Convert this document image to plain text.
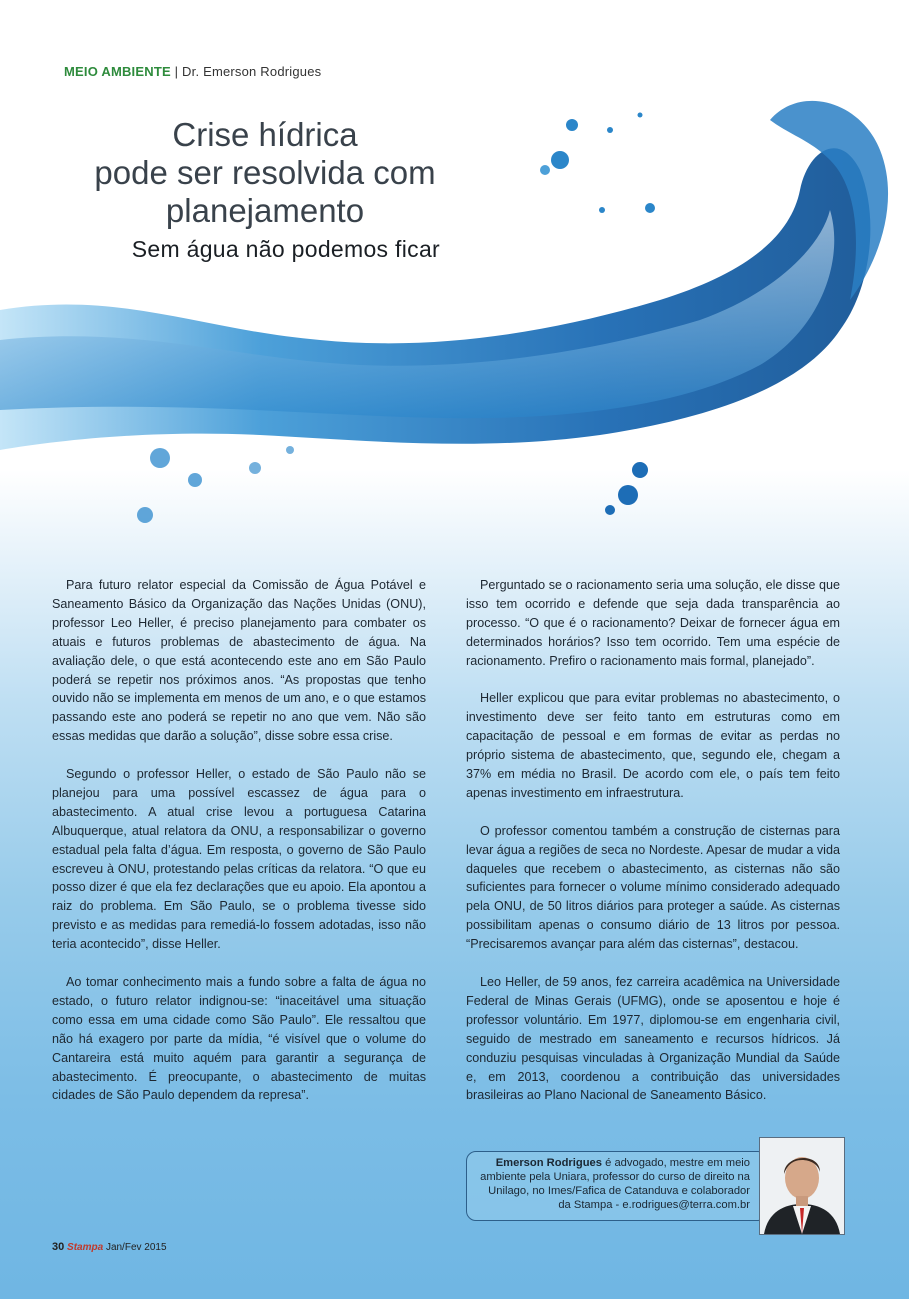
MEIO AMBIENTE | Dr. Emerson Rodrigues
Crise hídrica
pode ser resolvida com
planejamento
Sem água não podemos ficar

Para futuro relator especial da Comissão de Água Potável e Saneamento Básico da Organização das Nações Unidas (ONU), professor Leo Heller, é preciso planejamento para combater os atuais e futuros problemas de abastecimento de água. Na avaliação dele, o que está acontecendo este ano em São Paulo poderá se repetir nos próximos anos. “As propostas que tenho ouvido não se implementa em menos de um ano, e o que estamos passando este ano poderá se repetir no ano que vem. Não são essas medidas que darão a solução”, disse sobre essa crise.

Segundo o professor Heller, o estado de São Paulo não se planejou para uma possível escassez de água para o abastecimento. A atual crise levou a portuguesa Catarina Albuquerque, atual relatora da ONU, a responsabilizar o governo estadual pela falta d’água. Em resposta, o governo de São Paulo escreveu à ONU, protestando pelas críticas da relatora. “O que eu posso dizer é que ela fez declarações que eu apoio. Ela apontou a raiz do problema. Em São Paulo, se o problema tivesse sido previsto e as medidas para remediá-lo fossem adotadas, isso não teria acontecido”, disse Heller.

Ao tomar conhecimento mais a fundo sobre a falta de água no estado, o futuro relator indignou-se: “inaceitável uma situação como essa em uma cidade como São Paulo”. Ele ressaltou que não há exagero por parte da mídia, “é visível que o volume do Cantareira está muito aquém para garantir a segurança de abastecimento. É preocupante, o abastecimento de muitas cidades de São Paulo dependem da represa”.

Perguntado se o racionamento seria uma solução, ele disse que isso tem ocorrido e defende que seja dada transparência ao processo. “O que é o racionamento? Deixar de fornecer água em determinados horários? Isso tem ocorrido. Tem uma espécie de racionamento. Prefiro o racionamento mais formal, planejado”.

Heller explicou que para evitar problemas no abastecimento, o investimento deve ser feito tanto em estruturas como em capacitação de pessoal e em formas de evitar as perdas no próprio sistema de abastecimento, que, segundo ele, chegam a 37% em média no Brasil. De acordo com ele, o país tem feito apenas investimento em infraestrutura.

O professor comentou também a construção de cisternas para levar água a regiões de seca no Nordeste. Apesar de mudar a vida daqueles que recebem o abastecimento, as cisternas não são suficientes para fornecer o volume mínimo considerado adequado pela ONU, de 50 litros diários para proteger a saúde. As cisternas possibilitam apenas o consumo diário de 13 litros por pessoa. “Precisaremos avançar para além das cisternas”, destacou.

Leo Heller, de 59 anos, fez carreira acadêmica na Universidade Federal de Minas Gerais (UFMG), onde se aposentou e hoje é professor voluntário. Em 1977, diplomou-se em engenharia civil, seguido de mestrado em saneamento e recursos hídricos. Já conduziu pesquisas vinculadas à Organização Mundial da Saúde e, em 2013, coordenou a contribuição das universidades brasileiras ao Plano Nacional de Saneamento Básico.

Emerson Rodrigues é advogado, mestre em meio ambiente pela Uniara, professor do curso de direito na Unilago, no Imes/Fafica de Catanduva e colaborador da Stampa - e.rodrigues@terra.com.br
30 Stampa Jan/Fev 2015
